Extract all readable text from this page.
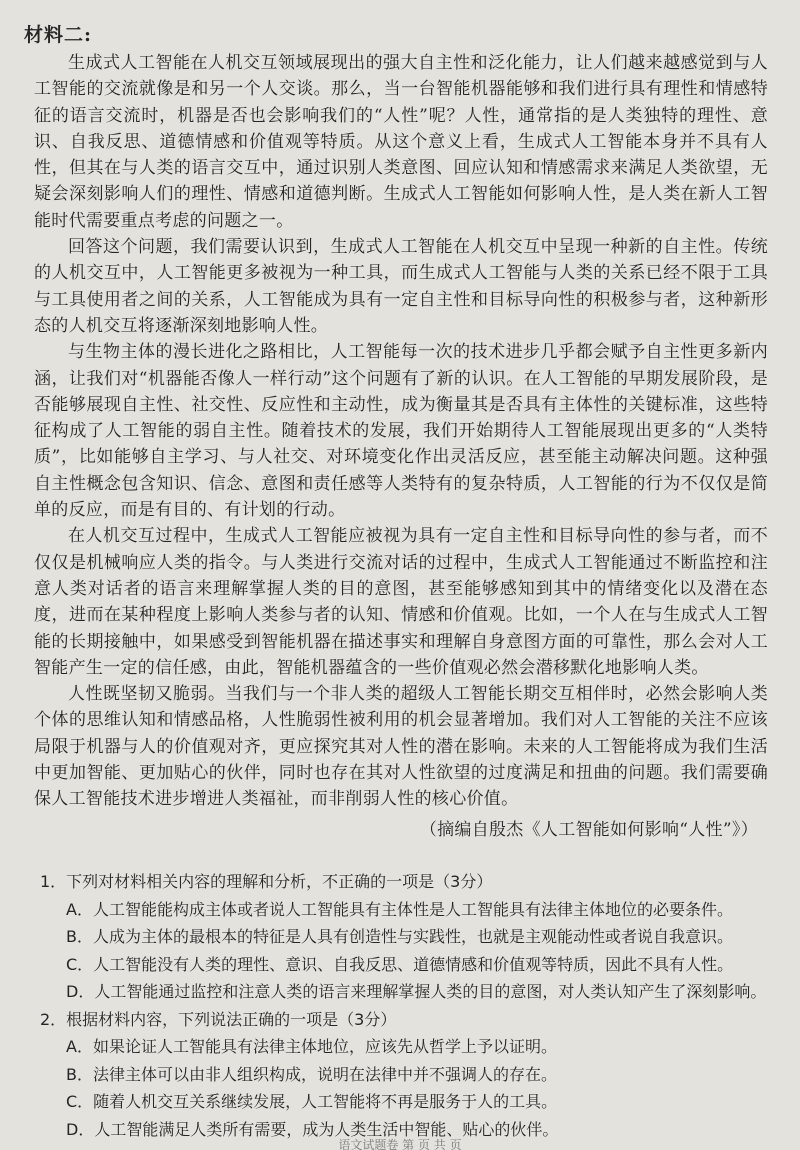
材料二:

生成式人工智能在人机交互领域展现出的强大自主性和泛化能力，让人们越来越感觉到与人工智能的交流就像是和另一个人交谈。那么，当一台智能机器能够和我们进行具有理性和情感特征的语言交流时，机器是否也会影响我们的“人性”呢？人性，通常指的是人类独特的理性、意识、自我反思、道德情感和价值观等特质。从这个意义上看，生成式人工智能本身并不具有人性，但其在与人类的语言交互中，通过识别人类意图、回应认知和情感需求来满足人类欲望，无疑会深刻影响人们的理性、情感和道德判断。生成式人工智能如何影响人性，是人类在新人工智能时代需要重点考虑的问题之一。

回答这个问题，我们需要认识到，生成式人工智能在人机交互中呈现一种新的自主性。传统的人机交互中，人工智能更多被视为一种工具，而生成式人工智能与人类的关系已经不限于工具与工具使用者之间的关系，人工智能成为具有一定自主性和目标导向性的积极参与者，这种新形态的人机交互将逐渐深刻地影响人性。

与生物主体的漫长进化之路相比，人工智能每一次的技术进步几乎都会赋予自主性更多新内涵，让我们对“机器能否像人一样行动”这个问题有了新的认识。在人工智能的早期发展阶段，是否能够展现自主性、社交性、反应性和主动性，成为衡量其是否具有主体性的关键标准，这些特征构成了人工智能的弱自主性。随着技术的发展，我们开始期待人工智能展现出更多的“人类特质”，比如能够自主学习、与人社交、对环境变化作出灵活反应，甚至能主动解决问题。这种强自主性概念包含知识、信念、意图和责任感等人类特有的复杂特质，人工智能的行为不仅仅是简单的反应，而是有目的、有计划的行动。

在人机交互过程中，生成式人工智能应被视为具有一定自主性和目标导向性的参与者，而不仅仅是机械响应人类的指令。与人类进行交流对话的过程中，生成式人工智能通过不断监控和注意人类对话者的语言来理解掌握人类的目的意图，甚至能够感知到其中的情绪变化以及潜在态度，进而在某种程度上影响人类参与者的认知、情感和价值观。比如，一个人在与生成式人工智能的长期接触中，如果感受到智能机器在描述事实和理解自身意图方面的可靠性，那么会对人工智能产生一定的信任感，由此，智能机器蕴含的一些价值观必然会潜移默化地影响人类。

人性既坚韧又脆弱。当我们与一个非人类的超级人工智能长期交互相伴时，必然会影响人类个体的思维认知和情感品格，人性脆弱性被利用的机会显著增加。我们对人工智能的关注不应该局限于机器与人的价值观对齐，更应探究其对人性的潜在影响。未来的人工智能将成为我们生活中更加智能、更加贴心的伙伴，同时也存在其对人性欲望的过度满足和扭曲的问题。我们需要确保人工智能技术进步增进人类福祉，而非削弱人性的核心价值。

（摘编自殷杰《人工智能如何影响“人性”》）

1．下列对材料相关内容的理解和分析，不正确的一项是（3分）

A．人工智能能构成主体或者说人工智能具有主体性是人工智能具有法律主体地位的必要条件。
B．人成为主体的最根本的特征是人具有创造性与实践性，也就是主观能动性或者说自我意识。
C．人工智能没有人类的理性、意识、自我反思、道德情感和价值观等特质，因此不具有人性。
D．人工智能通过监控和注意人类的语言来理解掌握人类的目的意图，对人类认知产生了深刻影响。

2．根据材料内容，下列说法正确的一项是（3分）

A．如果论证人工智能具有法律主体地位，应该先从哲学上予以证明。
B．法律主体可以由非人组织构成，说明在法律中并不强调人的存在。
C．随着人机交互关系继续发展，人工智能将不再是服务于人的工具。
D．人工智能满足人类所有需要，成为人类生活中智能、贴心的伙伴。
语文试题卷 第 页 共 页
